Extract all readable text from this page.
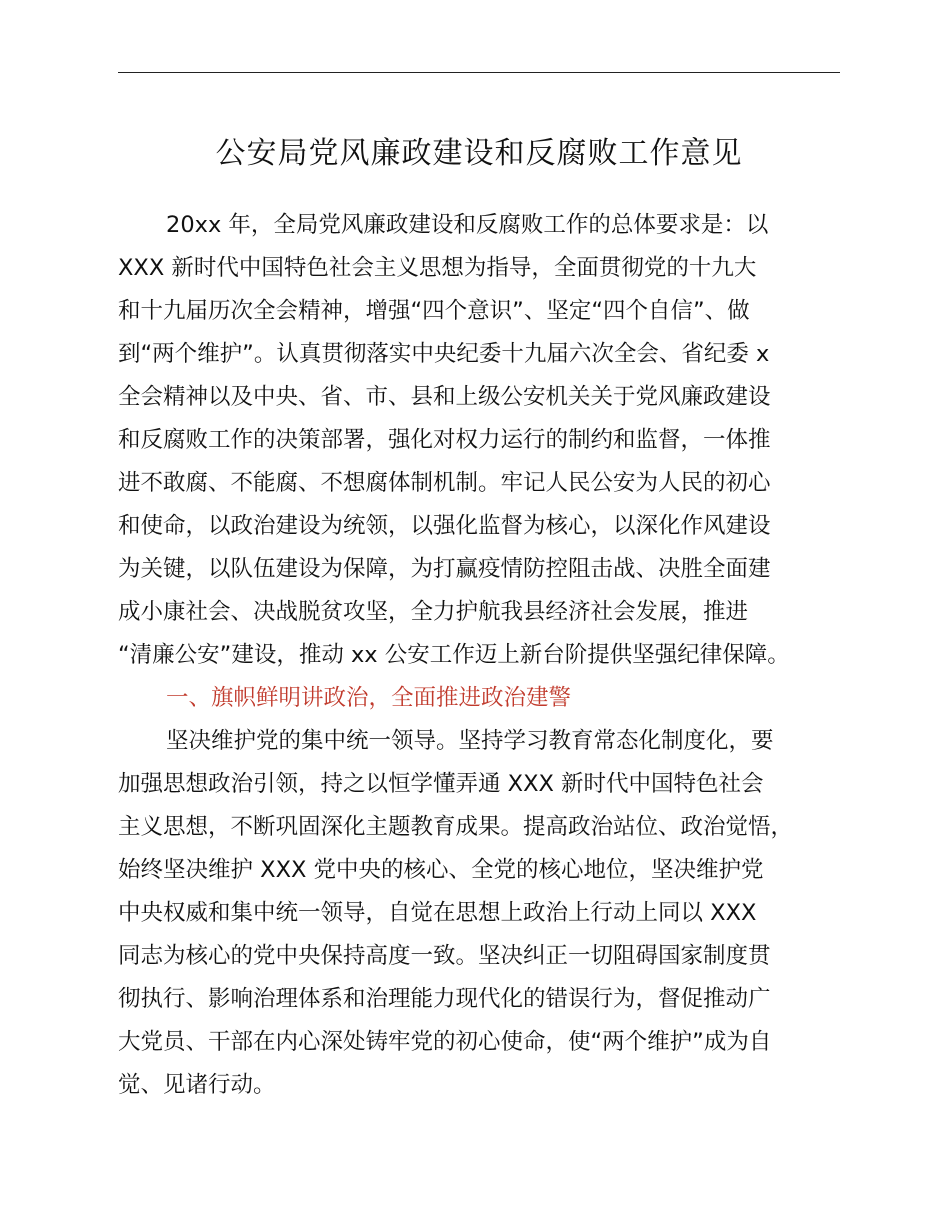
公安局党风廉政建设和反腐败工作意见
20xx 年，全局党风廉政建设和反腐败工作的总体要求是：以
XXX 新时代中国特色社会主义思想为指导，全面贯彻党的十九大
和十九届历次全会精神，增强“四个意识”、坚定“四个自信”、做
到“两个维护”。认真贯彻落实中央纪委十九届六次全会、省纪委 x
全会精神以及中央、省、市、县和上级公安机关关于党风廉政建设
和反腐败工作的决策部署，强化对权力运行的制约和监督，一体推
进不敢腐、不能腐、不想腐体制机制。牢记人民公安为人民的初心
和使命，以政治建设为统领，以强化监督为核心，以深化作风建设
为关键，以队伍建设为保障，为打赢疫情防控阻击战、决胜全面建
成小康社会、决战脱贫攻坚，全力护航我县经济社会发展，推进
“清廉公安”建设，推动 xx 公安工作迈上新台阶提供坚强纪律保障。
一、旗帜鲜明讲政治，全面推进政治建警
坚决维护党的集中统一领导。坚持学习教育常态化制度化，要
加强思想政治引领，持之以恒学懂弄通 XXX 新时代中国特色社会
主义思想，不断巩固深化主题教育成果。提高政治站位、政治觉悟，
始终坚决维护 XXX 党中央的核心、全党的核心地位，坚决维护党
中央权威和集中统一领导，自觉在思想上政治上行动上同以 XXX
同志为核心的党中央保持高度一致。坚决纠正一切阻碍国家制度贯
彻执行、影响治理体系和治理能力现代化的错误行为，督促推动广
大党员、干部在内心深处铸牢党的初心使命，使“两个维护”成为自
觉、见诸行动。
